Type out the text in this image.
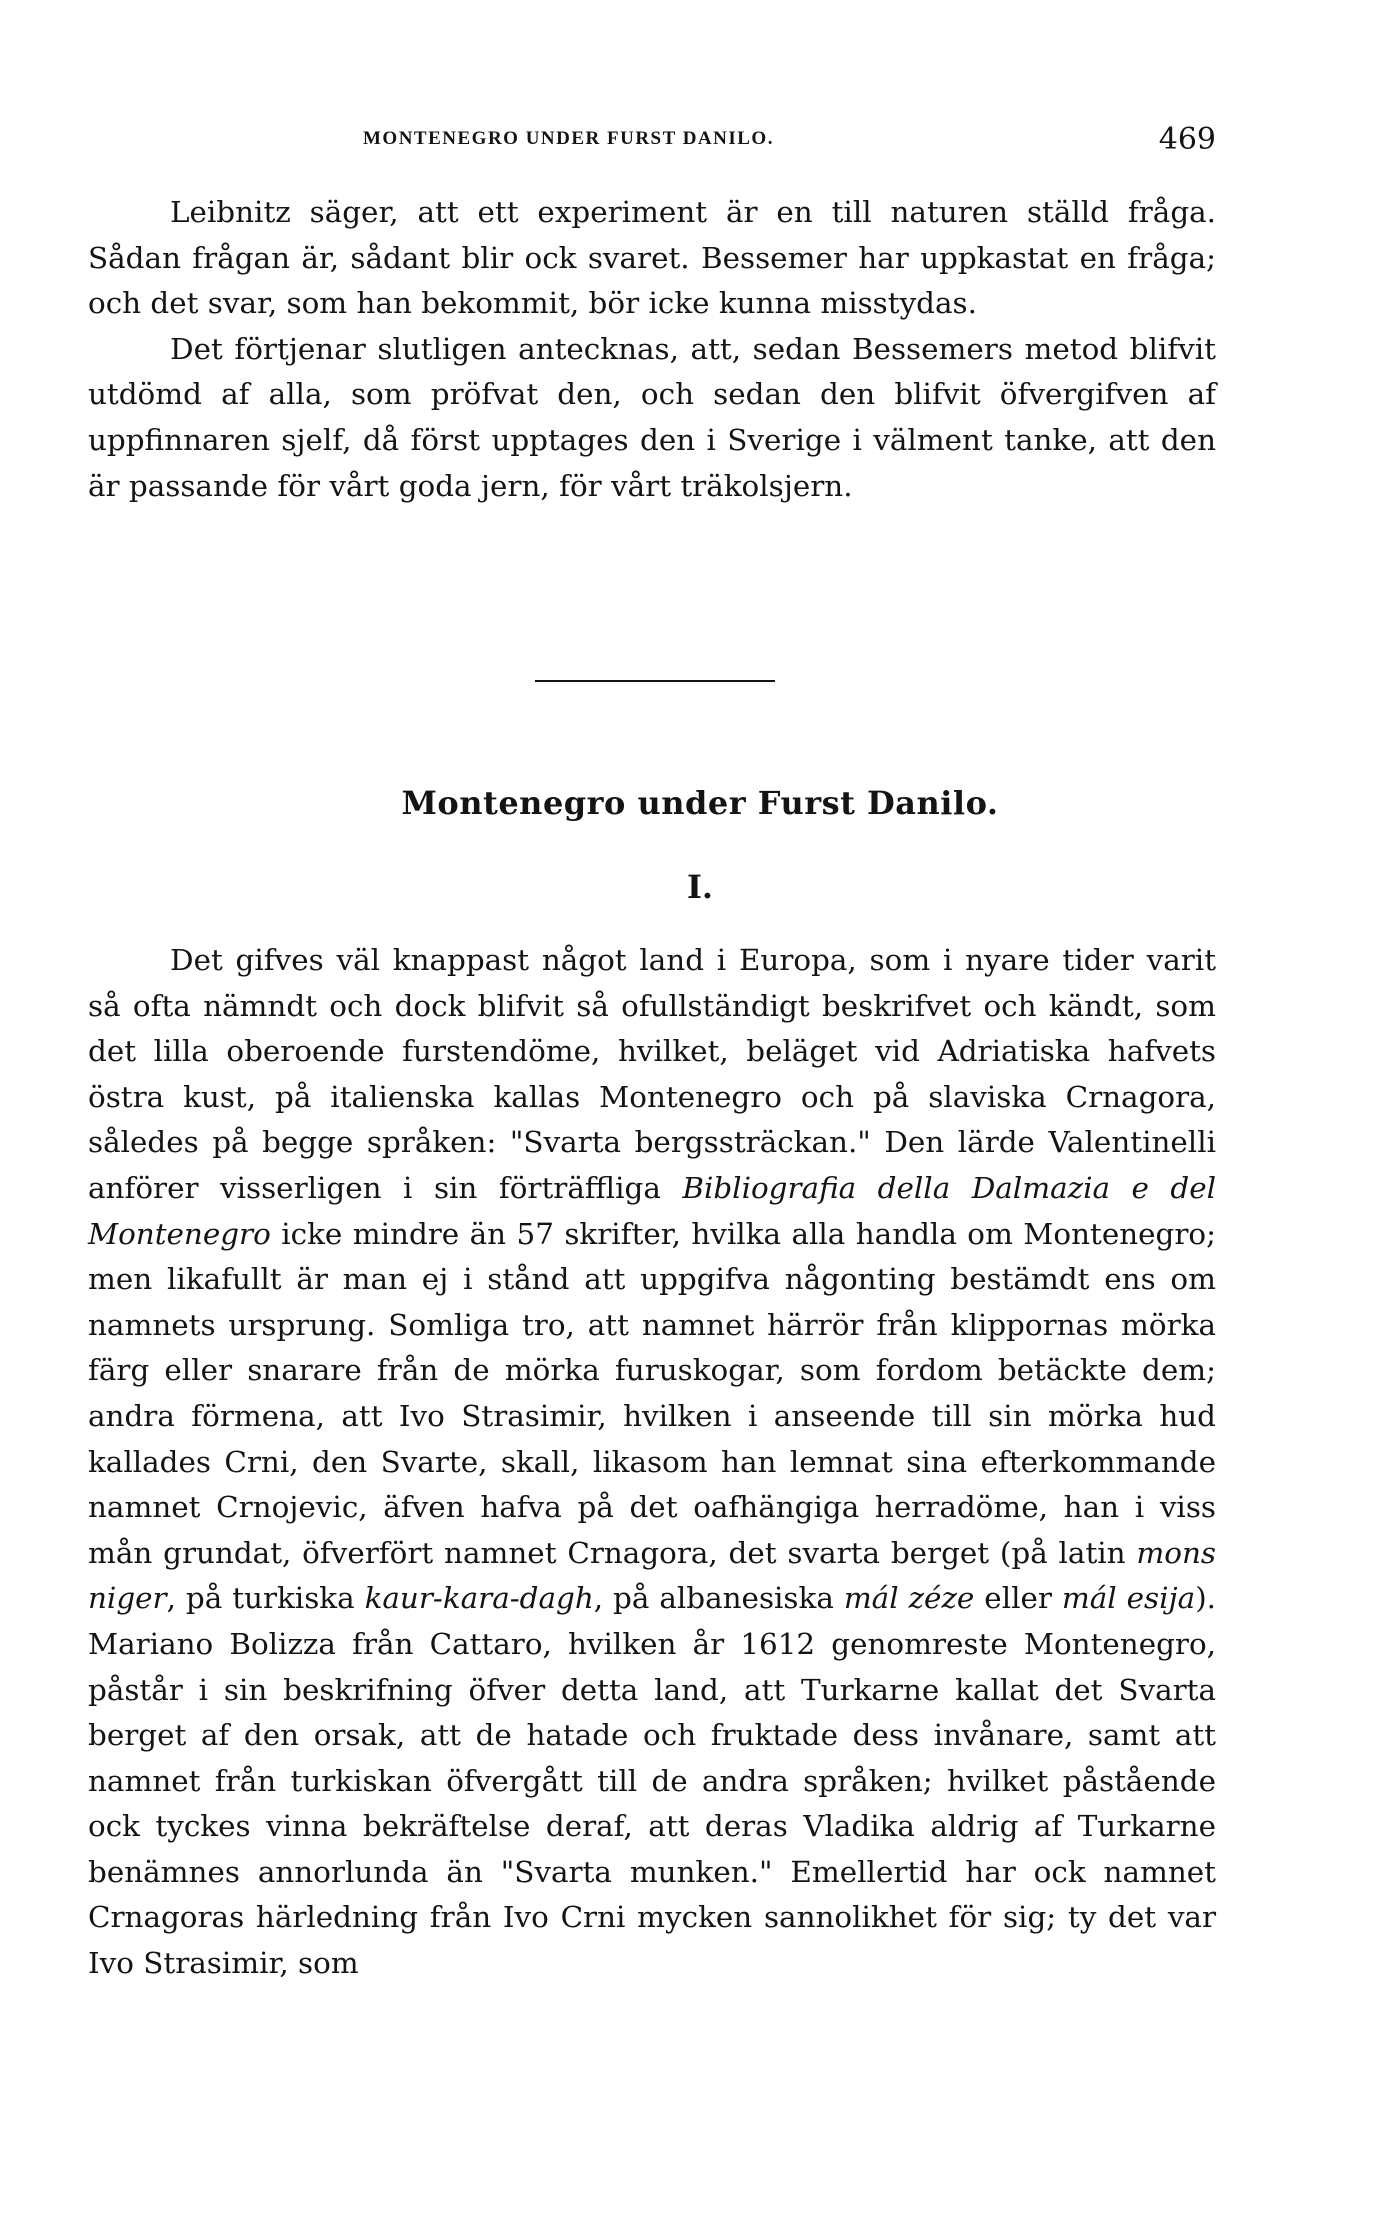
MONTENEGRO UNDER FURST DANILO.	469

Leibnitz säger, att ett experiment är en till naturen ställd fråga. Sådan frågan är, sådant blir ock svaret. Bessemer har uppkastat en fråga; och det svar, som han bekommit, bör icke kunna misstydas.

Det förtjenar slutligen antecknas, att, sedan Bessemers metod blifvit utdömd af alla, som pröfvat den, och sedan den blifvit öfvergifven af uppfinnaren sjelf, då först upptages den i Sverige i välment tanke, att den är passande för vårt goda jern, för vårt träkolsjern.

Montenegro under Furst Danilo.
I.

Det gifves väl knappast något land i Europa, som i nyare tider varit så ofta nämndt och dock blifvit så ofullständigt beskrifvet och kändt, som det lilla oberoende furstendöme, hvilket, beläget vid Adriatiska hafvets östra kust, på italienska kallas Montenegro och på slaviska Crnagora, således på begge språken: "Svarta bergssträckan." Den lärde Valentinelli anförer visserligen i sin förträffliga Bibliografia della Dalmazia e del Montenegro icke mindre än 57 skrifter, hvilka alla handla om Montenegro; men likafullt är man ej i stånd att uppgifva någonting bestämdt ens om namnets ursprung. Somliga tro, att namnet härrör från klippornas mörka färg eller snarare från de mörka furuskogar, som fordom betäckte dem; andra förmena, att Ivo Strasimir, hvilken i anseende till sin mörka hud kallades Crni, den Svarte, skall, likasom han lemnat sina efterkommande namnet Crnojevic, äfven hafva på det oafhängiga herradöme, han i viss mån grundat, öfverfört namnet Crnagora, det svarta berget (på latin mons niger, på turkiska kaur-kara-dagh, på albanesiska mál zéze eller mál esija). Mariano Bolizza från Cattaro, hvilken år 1612 genomreste Montenegro, påstår i sin beskrifning öfver detta land, att Turkarne kallat det Svarta berget af den orsak, att de hatade och fruktade dess invånare, samt att namnet från turkiskan öfvergått till de andra språken; hvilket påstående ock tyckes vinna bekräftelse deraf, att deras Vladika aldrig af Turkarne benämnes annorlunda än "Svarta munken." Emellertid har ock namnet Crnagoras härledning från Ivo Crni mycken sannolikhet för sig; ty det var Ivo Strasimir, som
